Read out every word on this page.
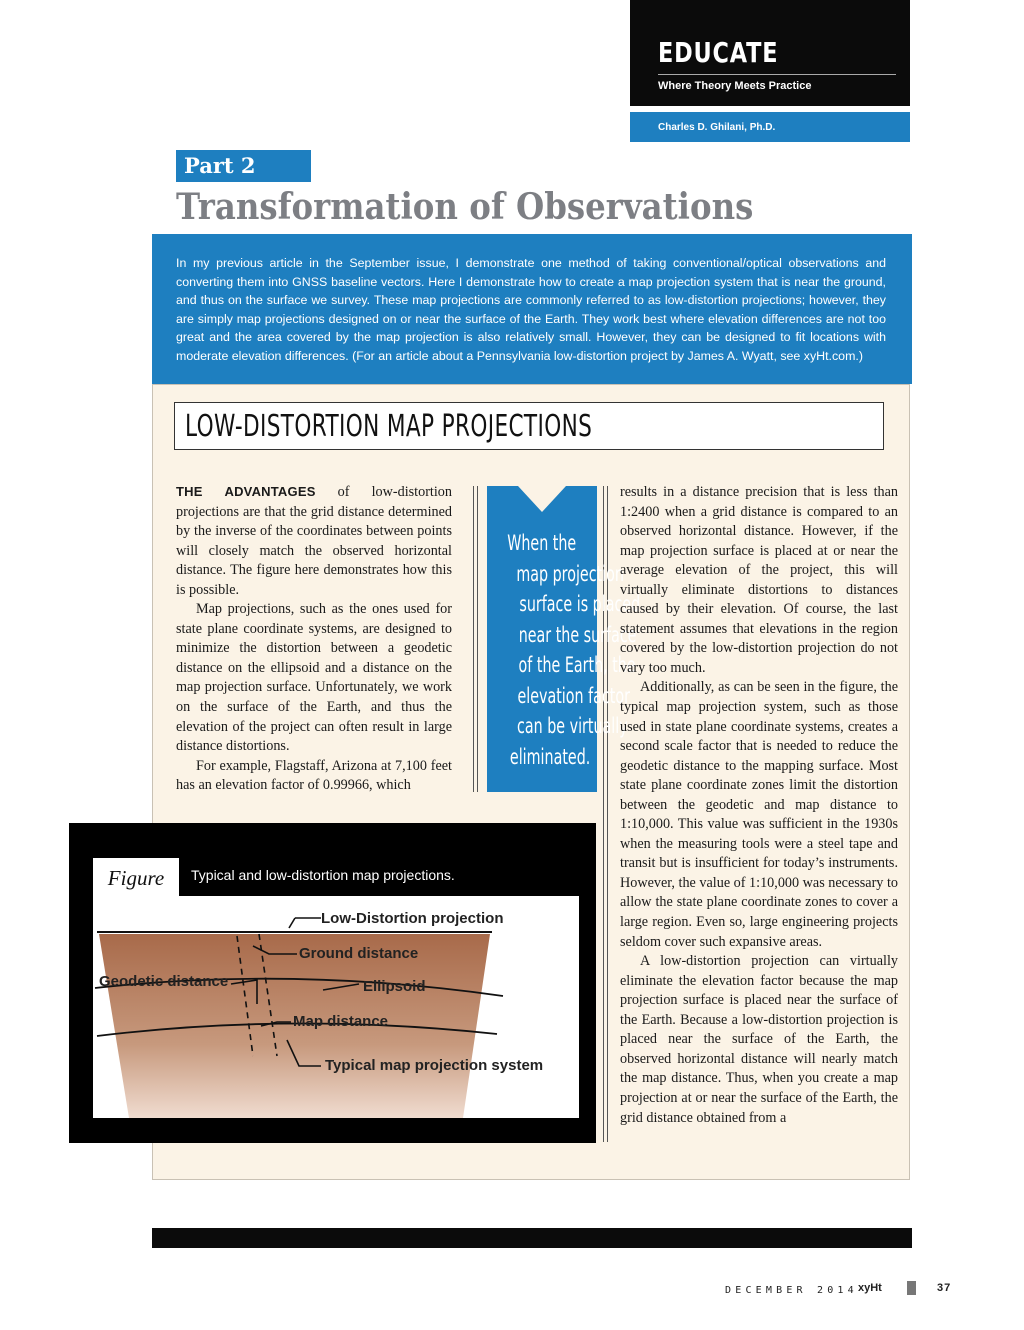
EDUCATE
Where Theory Meets Practice
Charles D. Ghilani, Ph.D.
Part 2
Transformation of Observations
In my previous article in the September issue, I demonstrate one method of taking conventional/optical observations and converting them into GNSS baseline vectors. Here I demonstrate how to create a map projection system that is near the ground, and thus on the surface we survey. These map projections are commonly referred to as low-distortion projections; however, they are simply map projections designed on or near the surface of the Earth. They work best where elevation differences are not too great and the area covered by the map projection is also relatively small. However, they can be designed to fit locations with moderate elevation differences. (For an article about a Pennsylvania low-distortion project by James A. Wyatt, see xyHt.com.)
LOW-DISTORTION MAP PROJECTIONS

THE ADVANTAGES of low-distortion projections are that the grid distance determined by the inverse of the coordinates between points will closely match the observed horizontal distance. The figure here demonstrates how this is possible.

Map projections, such as the ones used for state plane coordinate systems, are designed to minimize the distortion between a geodetic distance on the ellipsoid and a distance on the map projection surface. Unfortunately, we work on the surface of the Earth, and thus the elevation of the project can often result in large distance distortions.

For example, Flagstaff, Arizona at 7,100 feet has an elevation factor of 0.99966, which

When the
map projection
surface is placed
near the surface
of the Earth, the
elevation factor
can be virtually
eliminated.

results in a distance precision that is less than 1:2400 when a grid distance is compared to an observed horizontal distance. However, if the map projection surface is placed at or near the average elevation of the project, this will virtually eliminate distortions to distances caused by their elevation. Of course, the last statement assumes that elevations in the region covered by the low-distortion projection do not vary too much.

Additionally, as can be seen in the figure, the typical map projection system, such as those used in state plane coordinate systems, creates a second scale factor that is needed to reduce the geodetic distance to the mapping surface. Most state plane coordinate zones limit the distortion between the geodetic and map distance to 1:10,000. This value was sufficient in the 1930s when the measuring tools were a steel tape and transit but is insufficient for today’s instruments. However, the value of 1:10,000 was necessary to allow the state plane coordinate zones to cover a large region. Even so, large engineering projects seldom cover such expansive areas.

A low-distortion projection can virtually eliminate the elevation factor because the map projection surface is placed near the surface of the Earth. Because a low-distortion projection is placed near the surface of the Earth, the observed horizontal distance will nearly match the map distance. Thus, when you create a map projection at or near the surface of the Earth, the grid distance obtained from a

Figure	Typical and low-distortion map projections.
Low-Distortion projection
Ground distance
Geodetic distance	Ellipsoid
Map distance
Typical map projection system
DECEMBER 2014 xyHt	37
